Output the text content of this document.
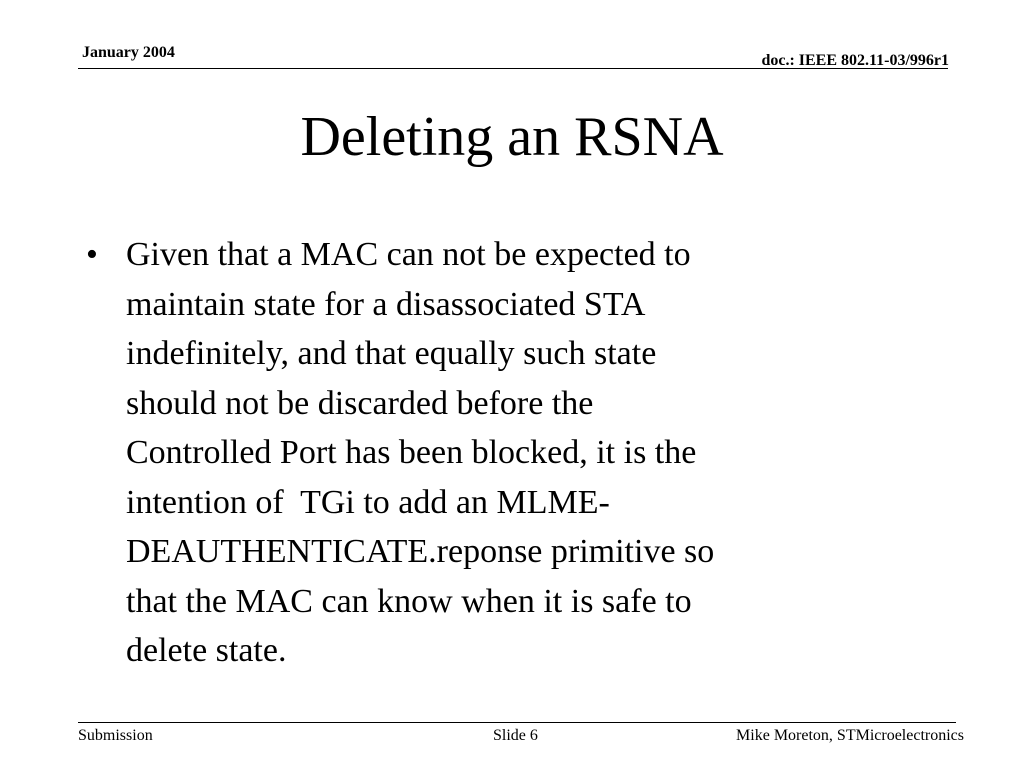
January 2004	doc.: IEEE 802.11-03/996r1
Deleting an RSNA
• Given that a MAC can not be expected to
maintain state for a disassociated STA
indefinitely, and that equally such state
should not be discarded before the
Controlled Port has been blocked, it is the
intention of  TGi to add an MLME-
DEAUTHENTICATE.reponse primitive so
that the MAC can know when it is safe to
delete state.
Submission	Slide 6	Mike Moreton, STMicroelectronics
